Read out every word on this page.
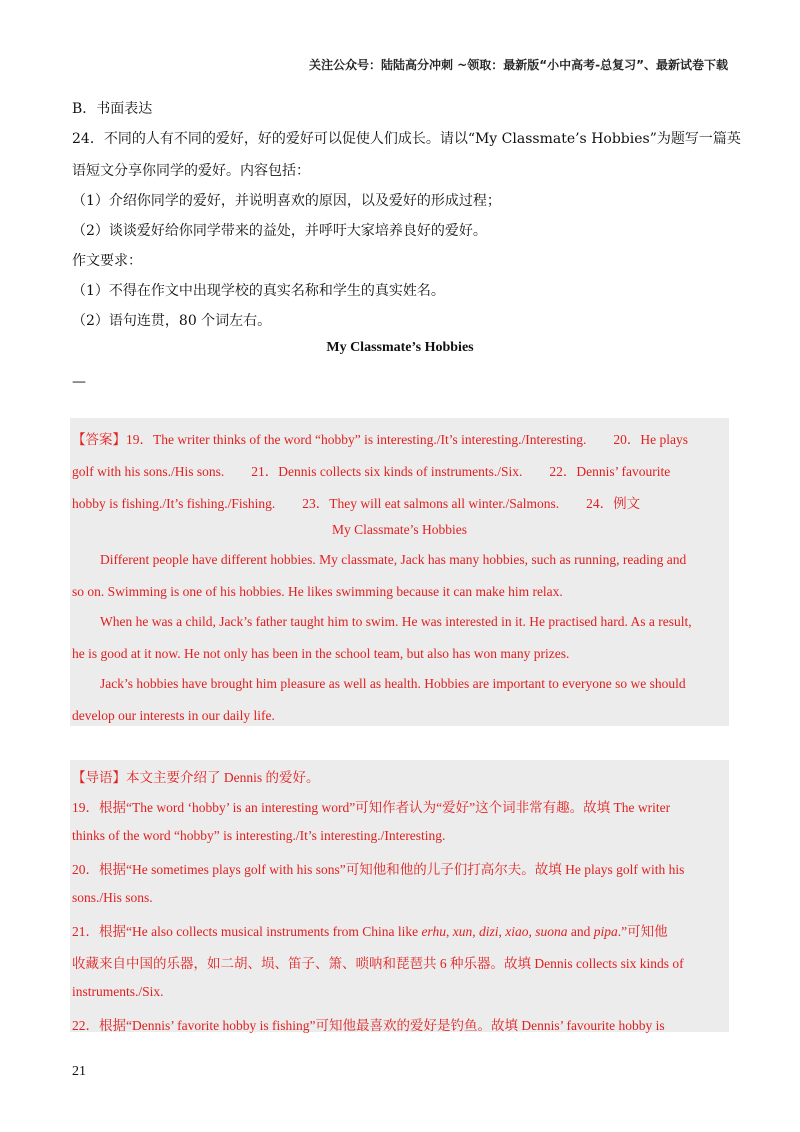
关注公众号：陆陆高分冲刺 ~领取：最新版“小中高考-总复习”、最新试卷下载
B．书面表达
24．不同的人有不同的爱好，好的爱好可以促使人们成长。请以“My Classmate’s Hobbies”为题写一篇英
语短文分享你同学的爱好。内容包括：
（1）介绍你同学的爱好，并说明喜欢的原因，以及爱好的形成过程；
（2）谈谈爱好给你同学带来的益处，并呼吁大家培养良好的爱好。
作文要求：
（1）不得在作文中出现学校的真实名称和学生的真实姓名。
（2）语句连贯，80 个词左右。
My Classmate’s Hobbies
—
【答案】19．The writer thinks of the word “hobby” is interesting./It’s interesting./Interesting.　　20．He plays
golf with his sons./His sons.　　21．Dennis collects six kinds of instruments./Six.　　22．Dennis’ favourite
hobby is fishing./It’s fishing./Fishing.　　23．They will eat salmons all winter./Salmons.　　24．例文
My Classmate’s Hobbies
Different people have different hobbies. My classmate, Jack has many hobbies, such as running, reading and
so on. Swimming is one of his hobbies. He likes swimming because it can make him relax.
When he was a child, Jack’s father taught him to swim. He was interested in it. He practised hard. As a result,
he is good at it now. He not only has been in the school team, but also has won many prizes.
Jack’s hobbies have brought him pleasure as well as health. Hobbies are important to everyone so we should
develop our interests in our daily life.
【导语】本文主要介绍了 Dennis 的爱好。
19．根据“The word ‘hobby’ is an interesting word”可知作者认为“爱好”这个词非常有趣。故填 The writer
thinks of the word “hobby” is interesting./It’s interesting./Interesting.
20．根据“He sometimes plays golf with his sons”可知他和他的儿子们打高尔夫。故填 He plays golf with his
sons./His sons.
21．根据“He also collects musical instruments from China like erhu, xun, dizi, xiao, suona and pipa.”可知他
收藏来自中国的乐器，如二胡、埙、笛子、箫、唢呐和琵琶共 6 种乐器。故填 Dennis collects six kinds of
instruments./Six.
22．根据“Dennis’ favorite hobby is fishing”可知他最喜欢的爱好是钓鱼。故填 Dennis’ favourite hobby is
21
